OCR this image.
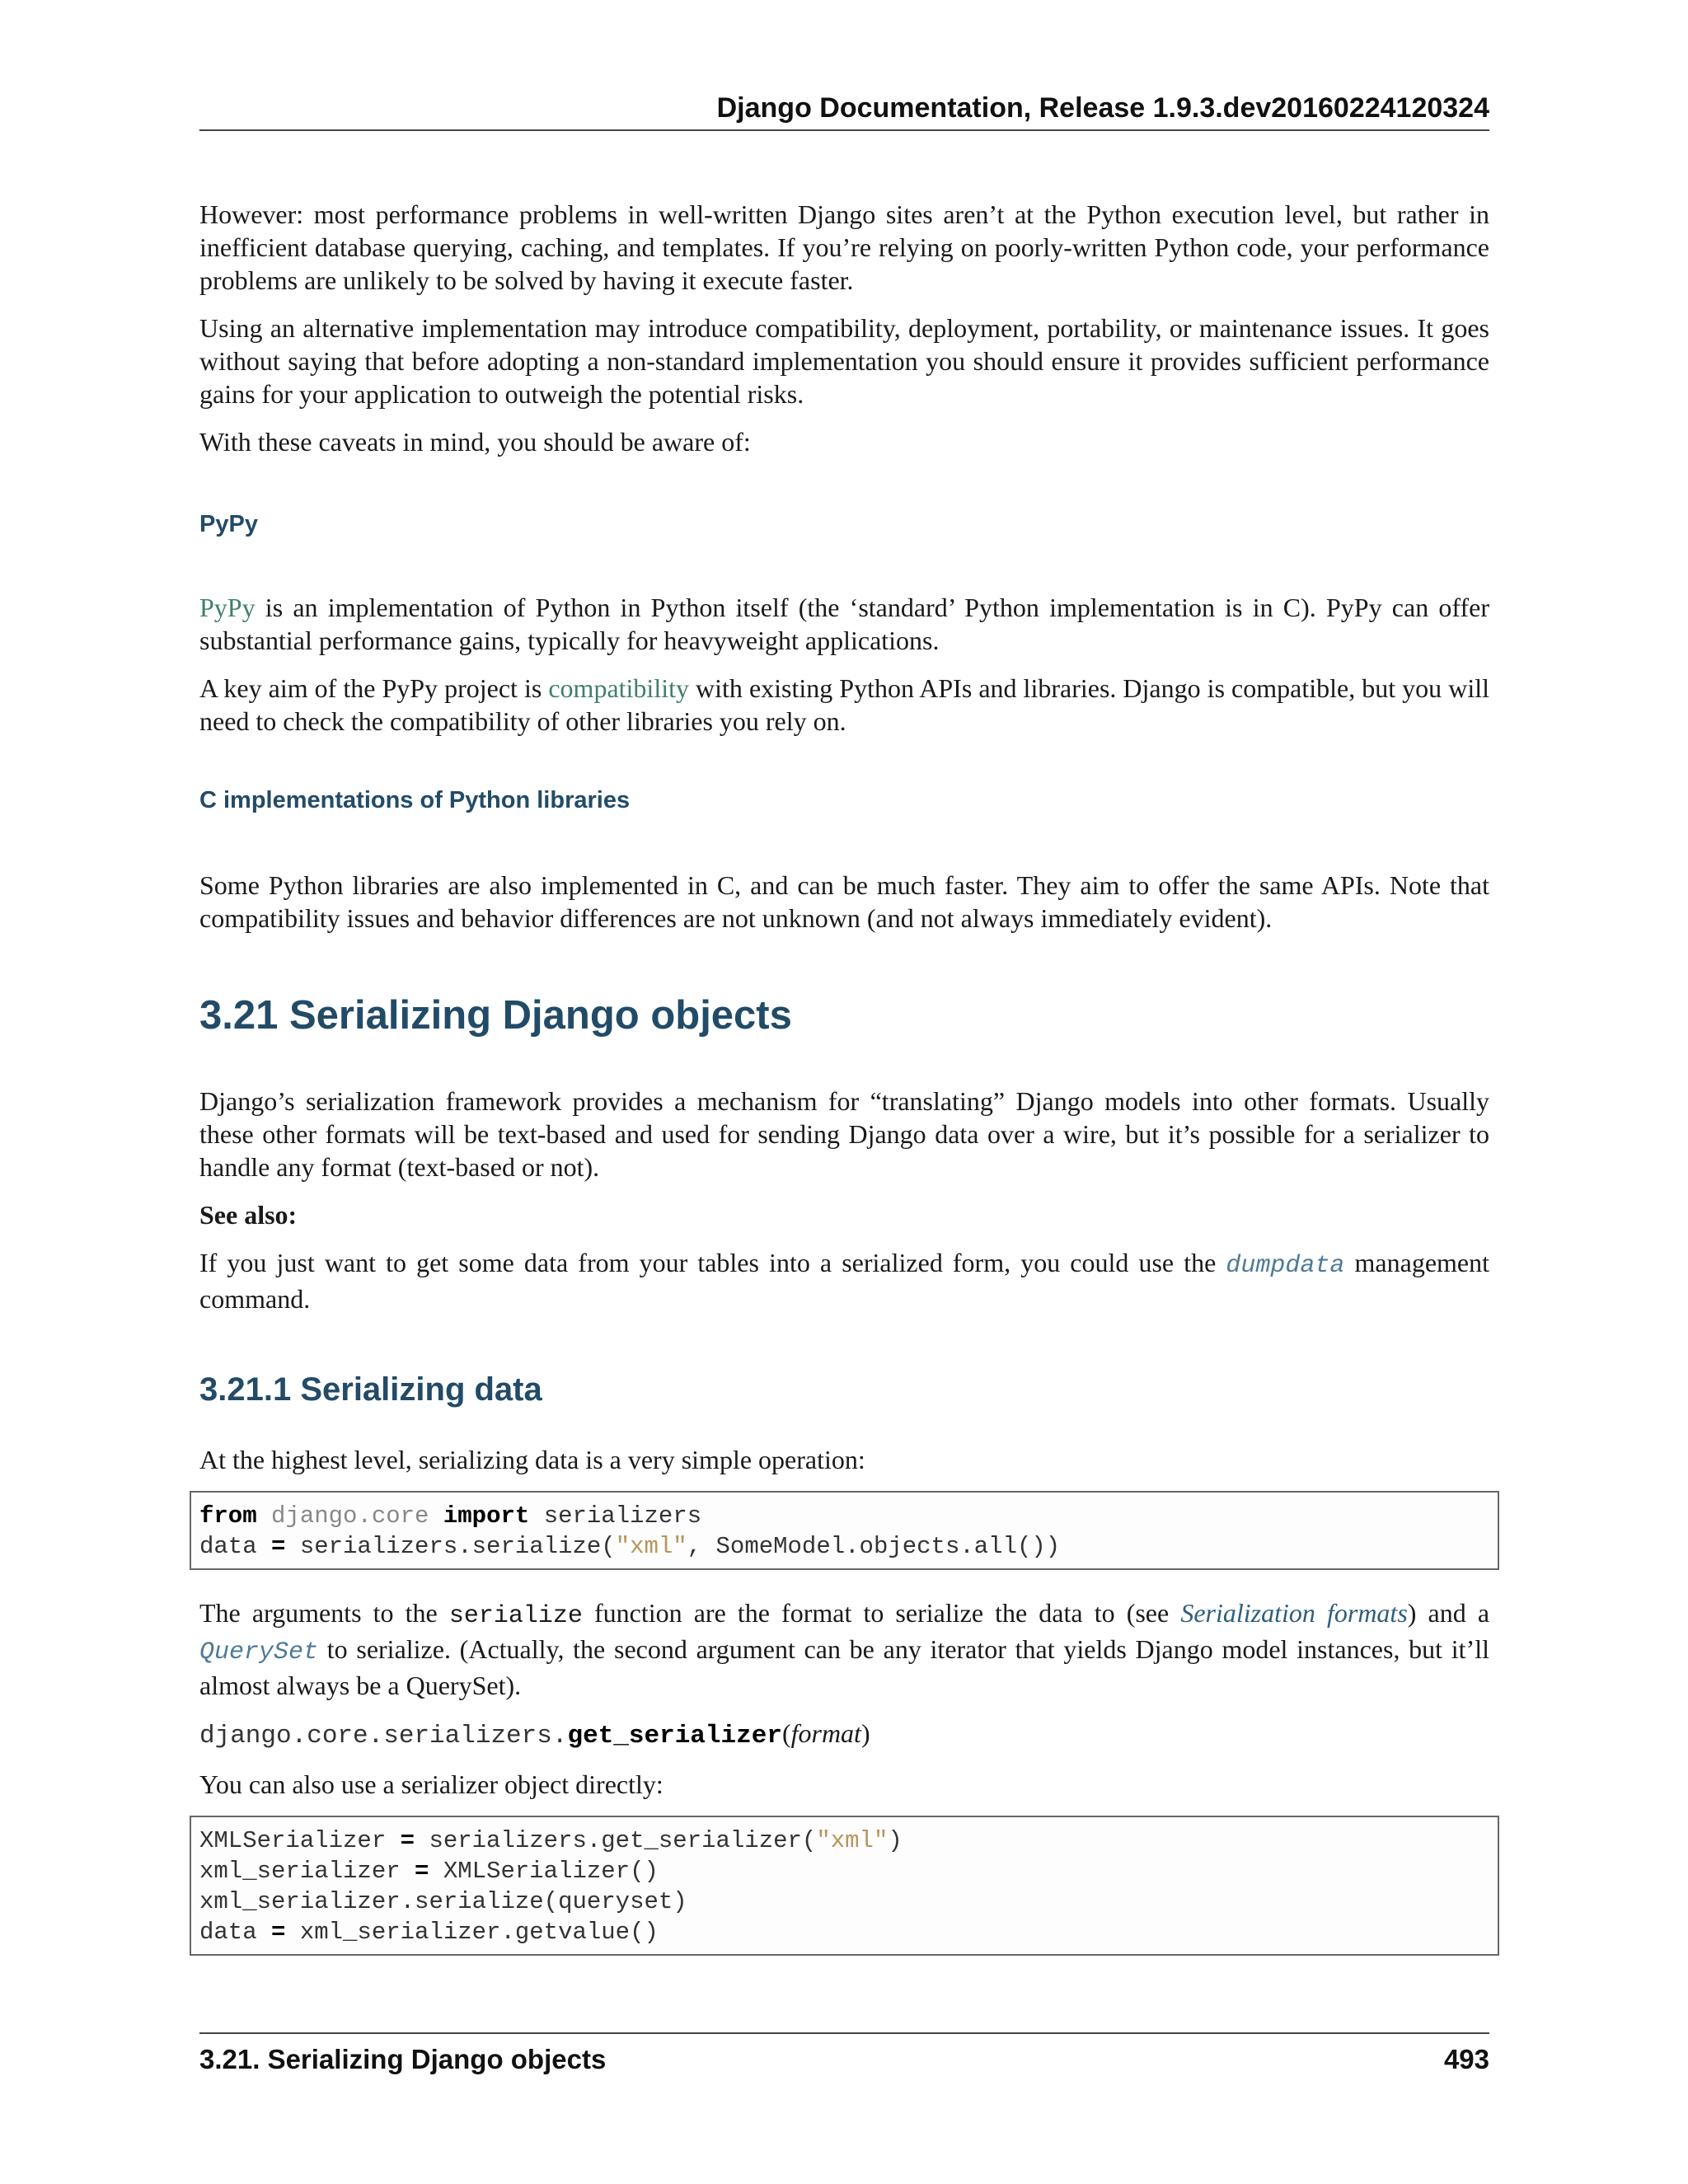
Django Documentation, Release 1.9.3.dev20160224120324

However: most performance problems in well-written Django sites aren’t at the Python execution level, but rather in inefficient database querying, caching, and templates. If you’re relying on poorly-written Python code, your performance problems are unlikely to be solved by having it execute faster.

Using an alternative implementation may introduce compatibility, deployment, portability, or maintenance issues. It goes without saying that before adopting a non-standard implementation you should ensure it provides sufficient performance gains for your application to outweigh the potential risks.

With these caveats in mind, you should be aware of:

PyPy

PyPy is an implementation of Python in Python itself (the ‘standard’ Python implementation is in C). PyPy can offer substantial performance gains, typically for heavyweight applications.

A key aim of the PyPy project is compatibility with existing Python APIs and libraries. Django is compatible, but you will need to check the compatibility of other libraries you rely on.

C implementations of Python libraries

Some Python libraries are also implemented in C, and can be much faster. They aim to offer the same APIs. Note that compatibility issues and behavior differences are not unknown (and not always immediately evident).

3.21 Serializing Django objects

Django’s serialization framework provides a mechanism for “translating” Django models into other formats. Usually these other formats will be text-based and used for sending Django data over a wire, but it’s possible for a serializer to handle any format (text-based or not).

See also:

If you just want to get some data from your tables into a serialized form, you could use the dumpdata management command.

3.21.1 Serializing data

At the highest level, serializing data is a very simple operation:

from django.core import serializers
data = serializers.serialize("xml", SomeModel.objects.all())

The arguments to the serialize function are the format to serialize the data to (see Serialization formats) and a QuerySet to serialize. (Actually, the second argument can be any iterator that yields Django model instances, but it’ll almost always be a QuerySet).

django.core.serializers.get_serializer(format)

You can also use a serializer object directly:

XMLSerializer = serializers.get_serializer("xml")
xml_serializer = XMLSerializer()
xml_serializer.serialize(queryset)
data = xml_serializer.getvalue()
3.21. Serializing Django objects	493
